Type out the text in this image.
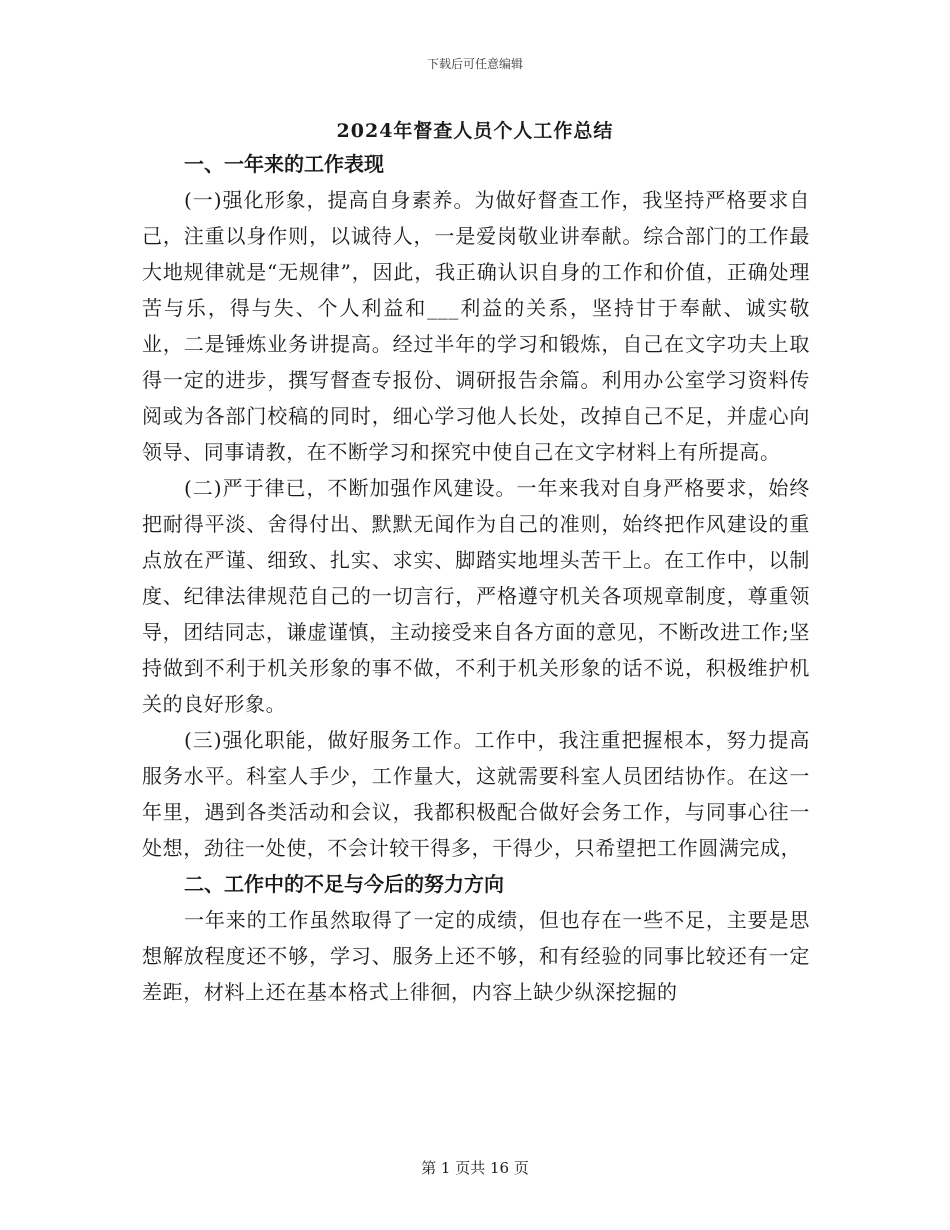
下载后可任意编辑
2024年督查人员个人工作总结

一、一年来的工作表现

(一)强化形象，提高自身素养。为做好督查工作，我坚持严格要求自己，注重以身作则，以诚待人，一是爱岗敬业讲奉献。综合部门的工作最大地规律就是“无规律”，因此，我正确认识自身的工作和价值，正确处理苦与乐，得与失、个人利益和___利益的关系，坚持甘于奉献、诚实敬业，二是锤炼业务讲提高。经过半年的学习和锻炼，自己在文字功夫上取得一定的进步，撰写督查专报份、调研报告余篇。利用办公室学习资料传阅或为各部门校稿的同时，细心学习他人长处，改掉自己不足，并虚心向领导、同事请教，在不断学习和探究中使自己在文字材料上有所提高。

(二)严于律已，不断加强作风建设。一年来我对自身严格要求，始终把耐得平淡、舍得付出、默默无闻作为自己的准则，始终把作风建设的重点放在严谨、细致、扎实、求实、脚踏实地埋头苦干上。在工作中，以制度、纪律法律规范自己的一切言行，严格遵守机关各项规章制度，尊重领导，团结同志，谦虚谨慎，主动接受来自各方面的意见，不断改进工作;坚持做到不利于机关形象的事不做，不利于机关形象的话不说，积极维护机关的良好形象。

(三)强化职能，做好服务工作。工作中，我注重把握根本，努力提高服务水平。科室人手少，工作量大，这就需要科室人员团结协作。在这一年里，遇到各类活动和会议，我都积极配合做好会务工作，与同事心往一处想，劲往一处使，不会计较干得多，干得少，只希望把工作圆满完成，

二、工作中的不足与今后的努力方向

一年来的工作虽然取得了一定的成绩，但也存在一些不足，主要是思想解放程度还不够，学习、服务上还不够，和有经验的同事比较还有一定差距，材料上还在基本格式上徘徊，内容上缺少纵深挖掘的

第 1 页共 16 页
